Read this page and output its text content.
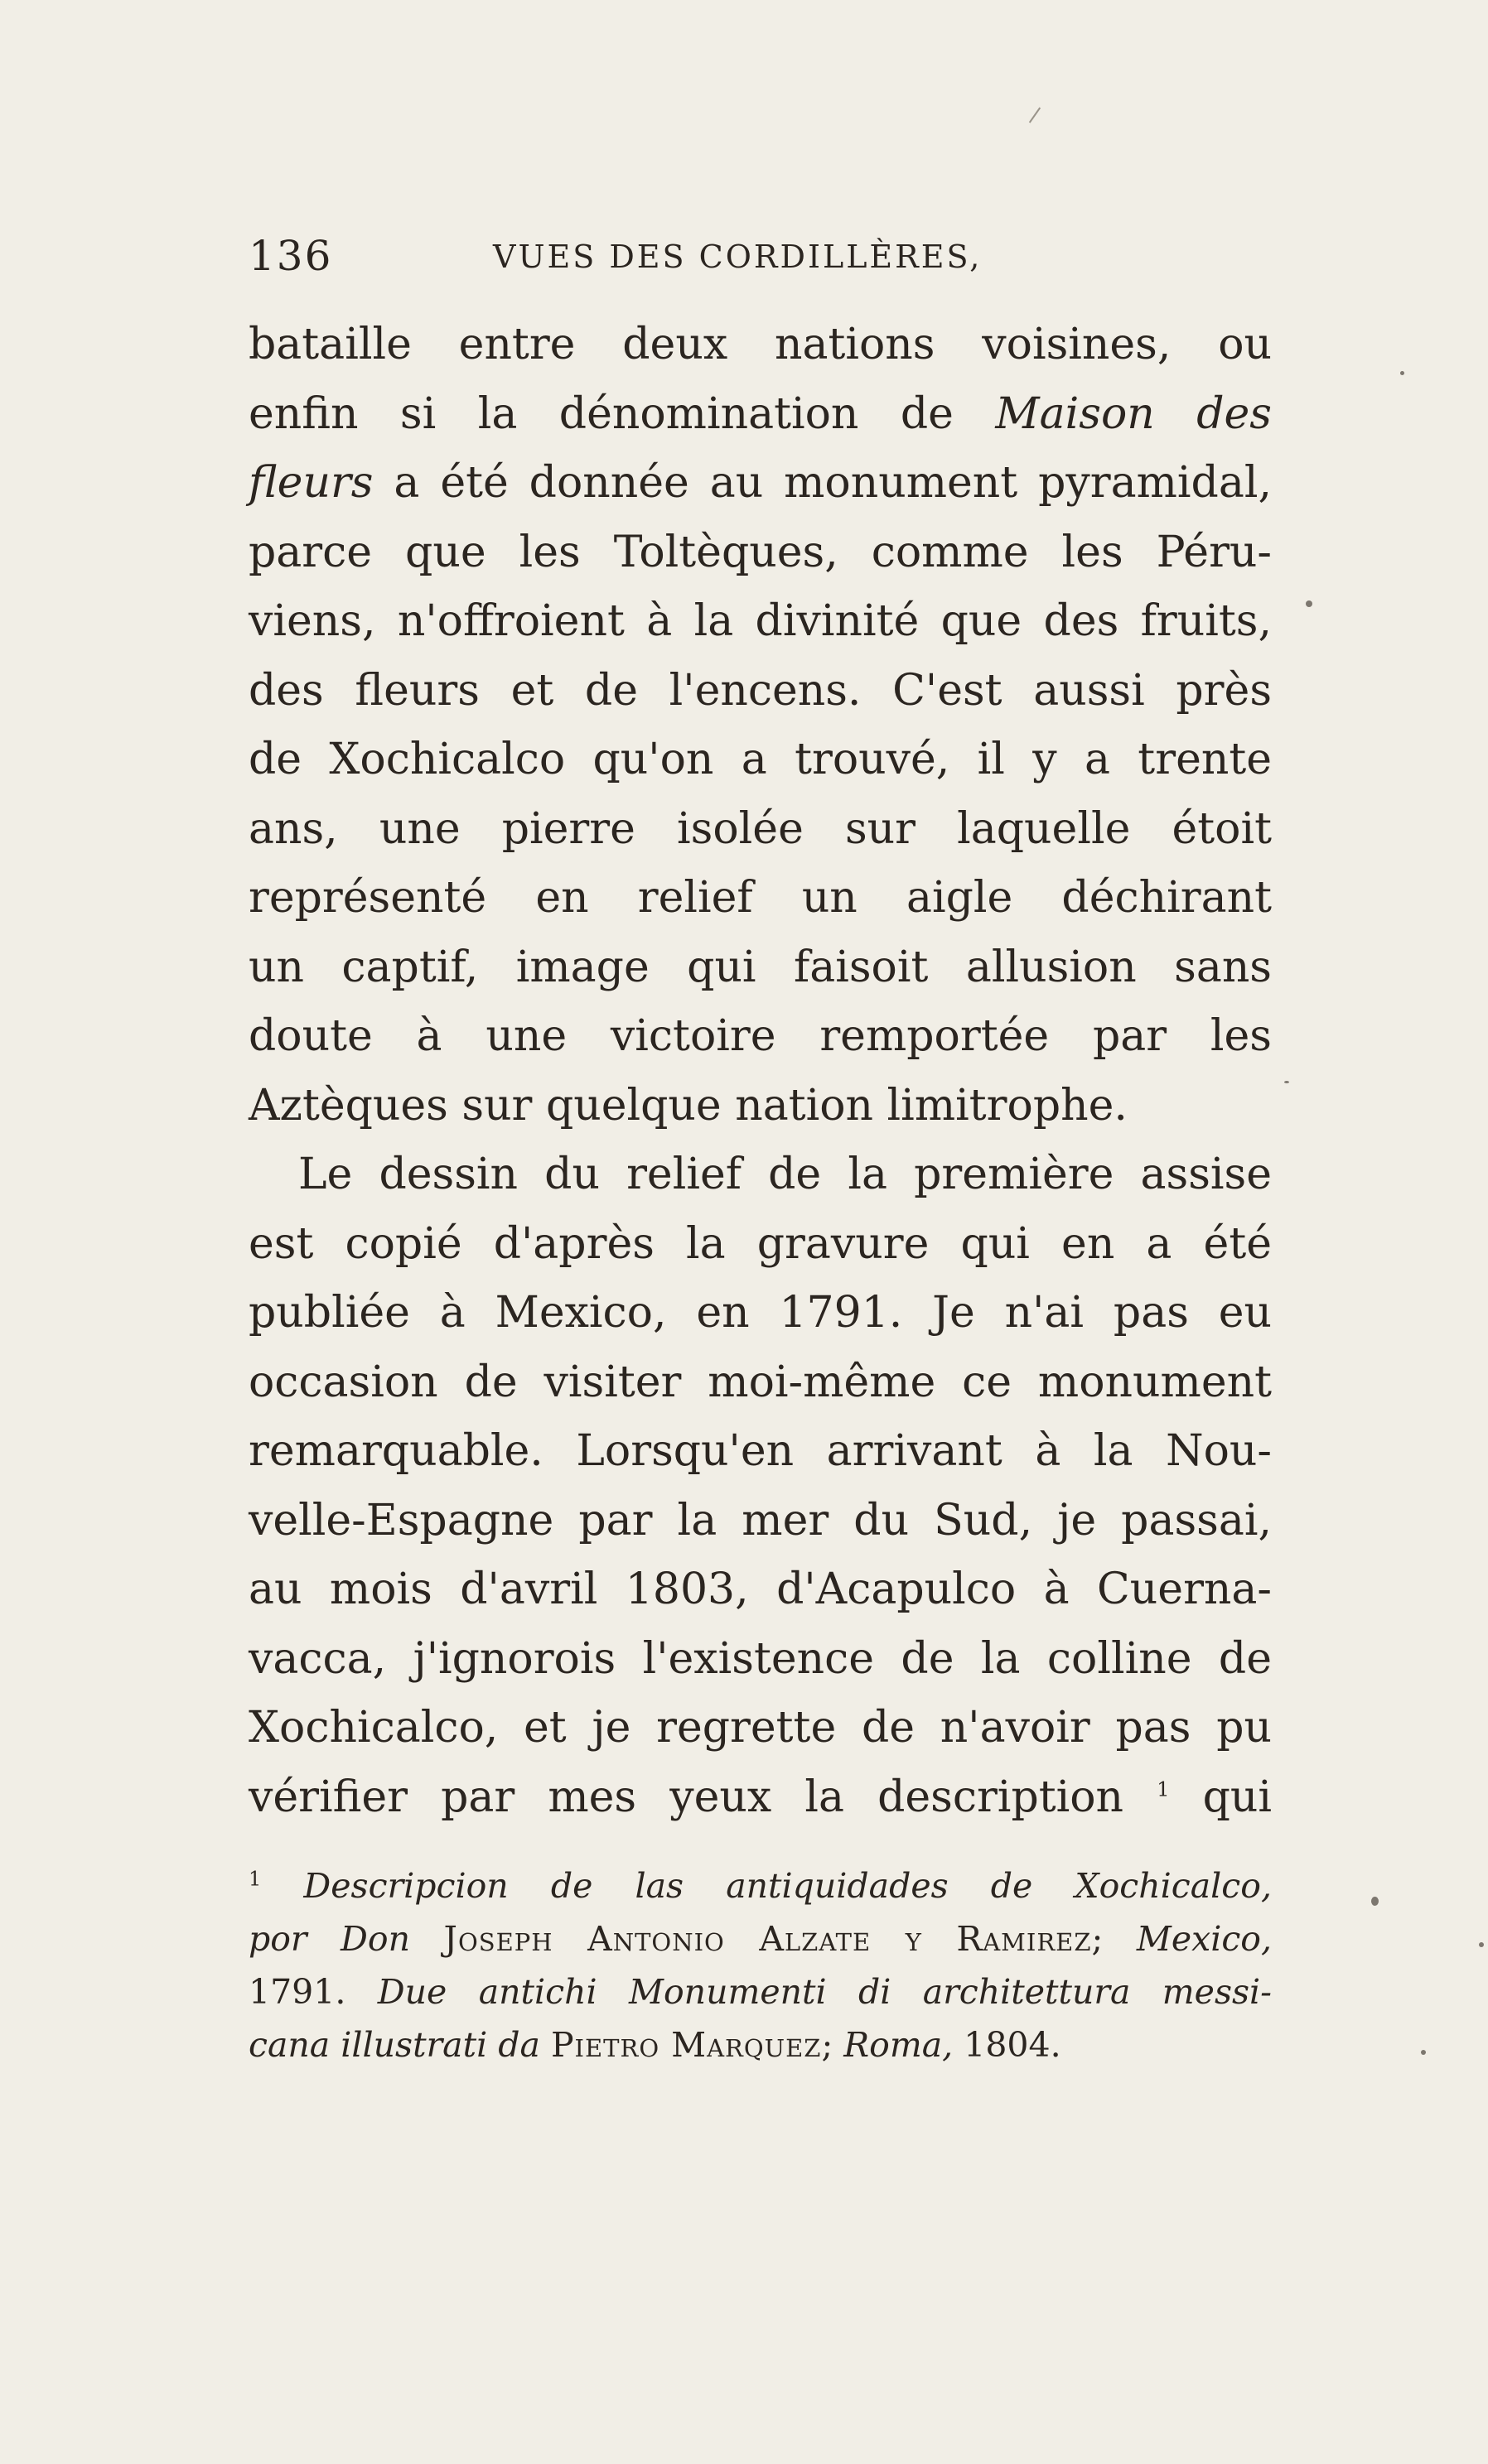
136	VUES DES CORDILLÈRES,
bataille entre deux nations voisines, ou
enfin si la dénomination de Maison des
fleurs a été donnée au monument pyramidal,
parce que les Toltèques, comme les Péru-
viens, n'offroient à la divinité que des fruits,
des fleurs et de l'encens. C'est aussi près
de Xochicalco qu'on a trouvé, il y a trente
ans, une pierre isolée sur laquelle étoit
représenté en relief un aigle déchirant
un captif, image qui faisoit allusion sans
doute à une victoire remportée par les
Aztèques sur quelque nation limitrophe.
Le dessin du relief de la première assise
est copié d'après la gravure qui en a été
publiée à Mexico, en 1791. Je n'ai pas eu
occasion de visiter moi-même ce monument
remarquable. Lorsqu'en arrivant à la Nou-
velle-Espagne par la mer du Sud, je passai,
au mois d'avril 1803, d'Acapulco à Cuerna-
vacca, j'ignorois l'existence de la colline de
Xochicalco, et je regrette de n'avoir pas pu
vérifier par mes yeux la description $^1$ qui
$^1$ Descripcion de las antiquidades de Xochicalco,
por Don Joseph Antonio Alzate y Ramirez; Mexico,
1791. Due antichi Monumenti di architettura messi-
cana illustrati da Pietro Marquez; Roma, 1804.
